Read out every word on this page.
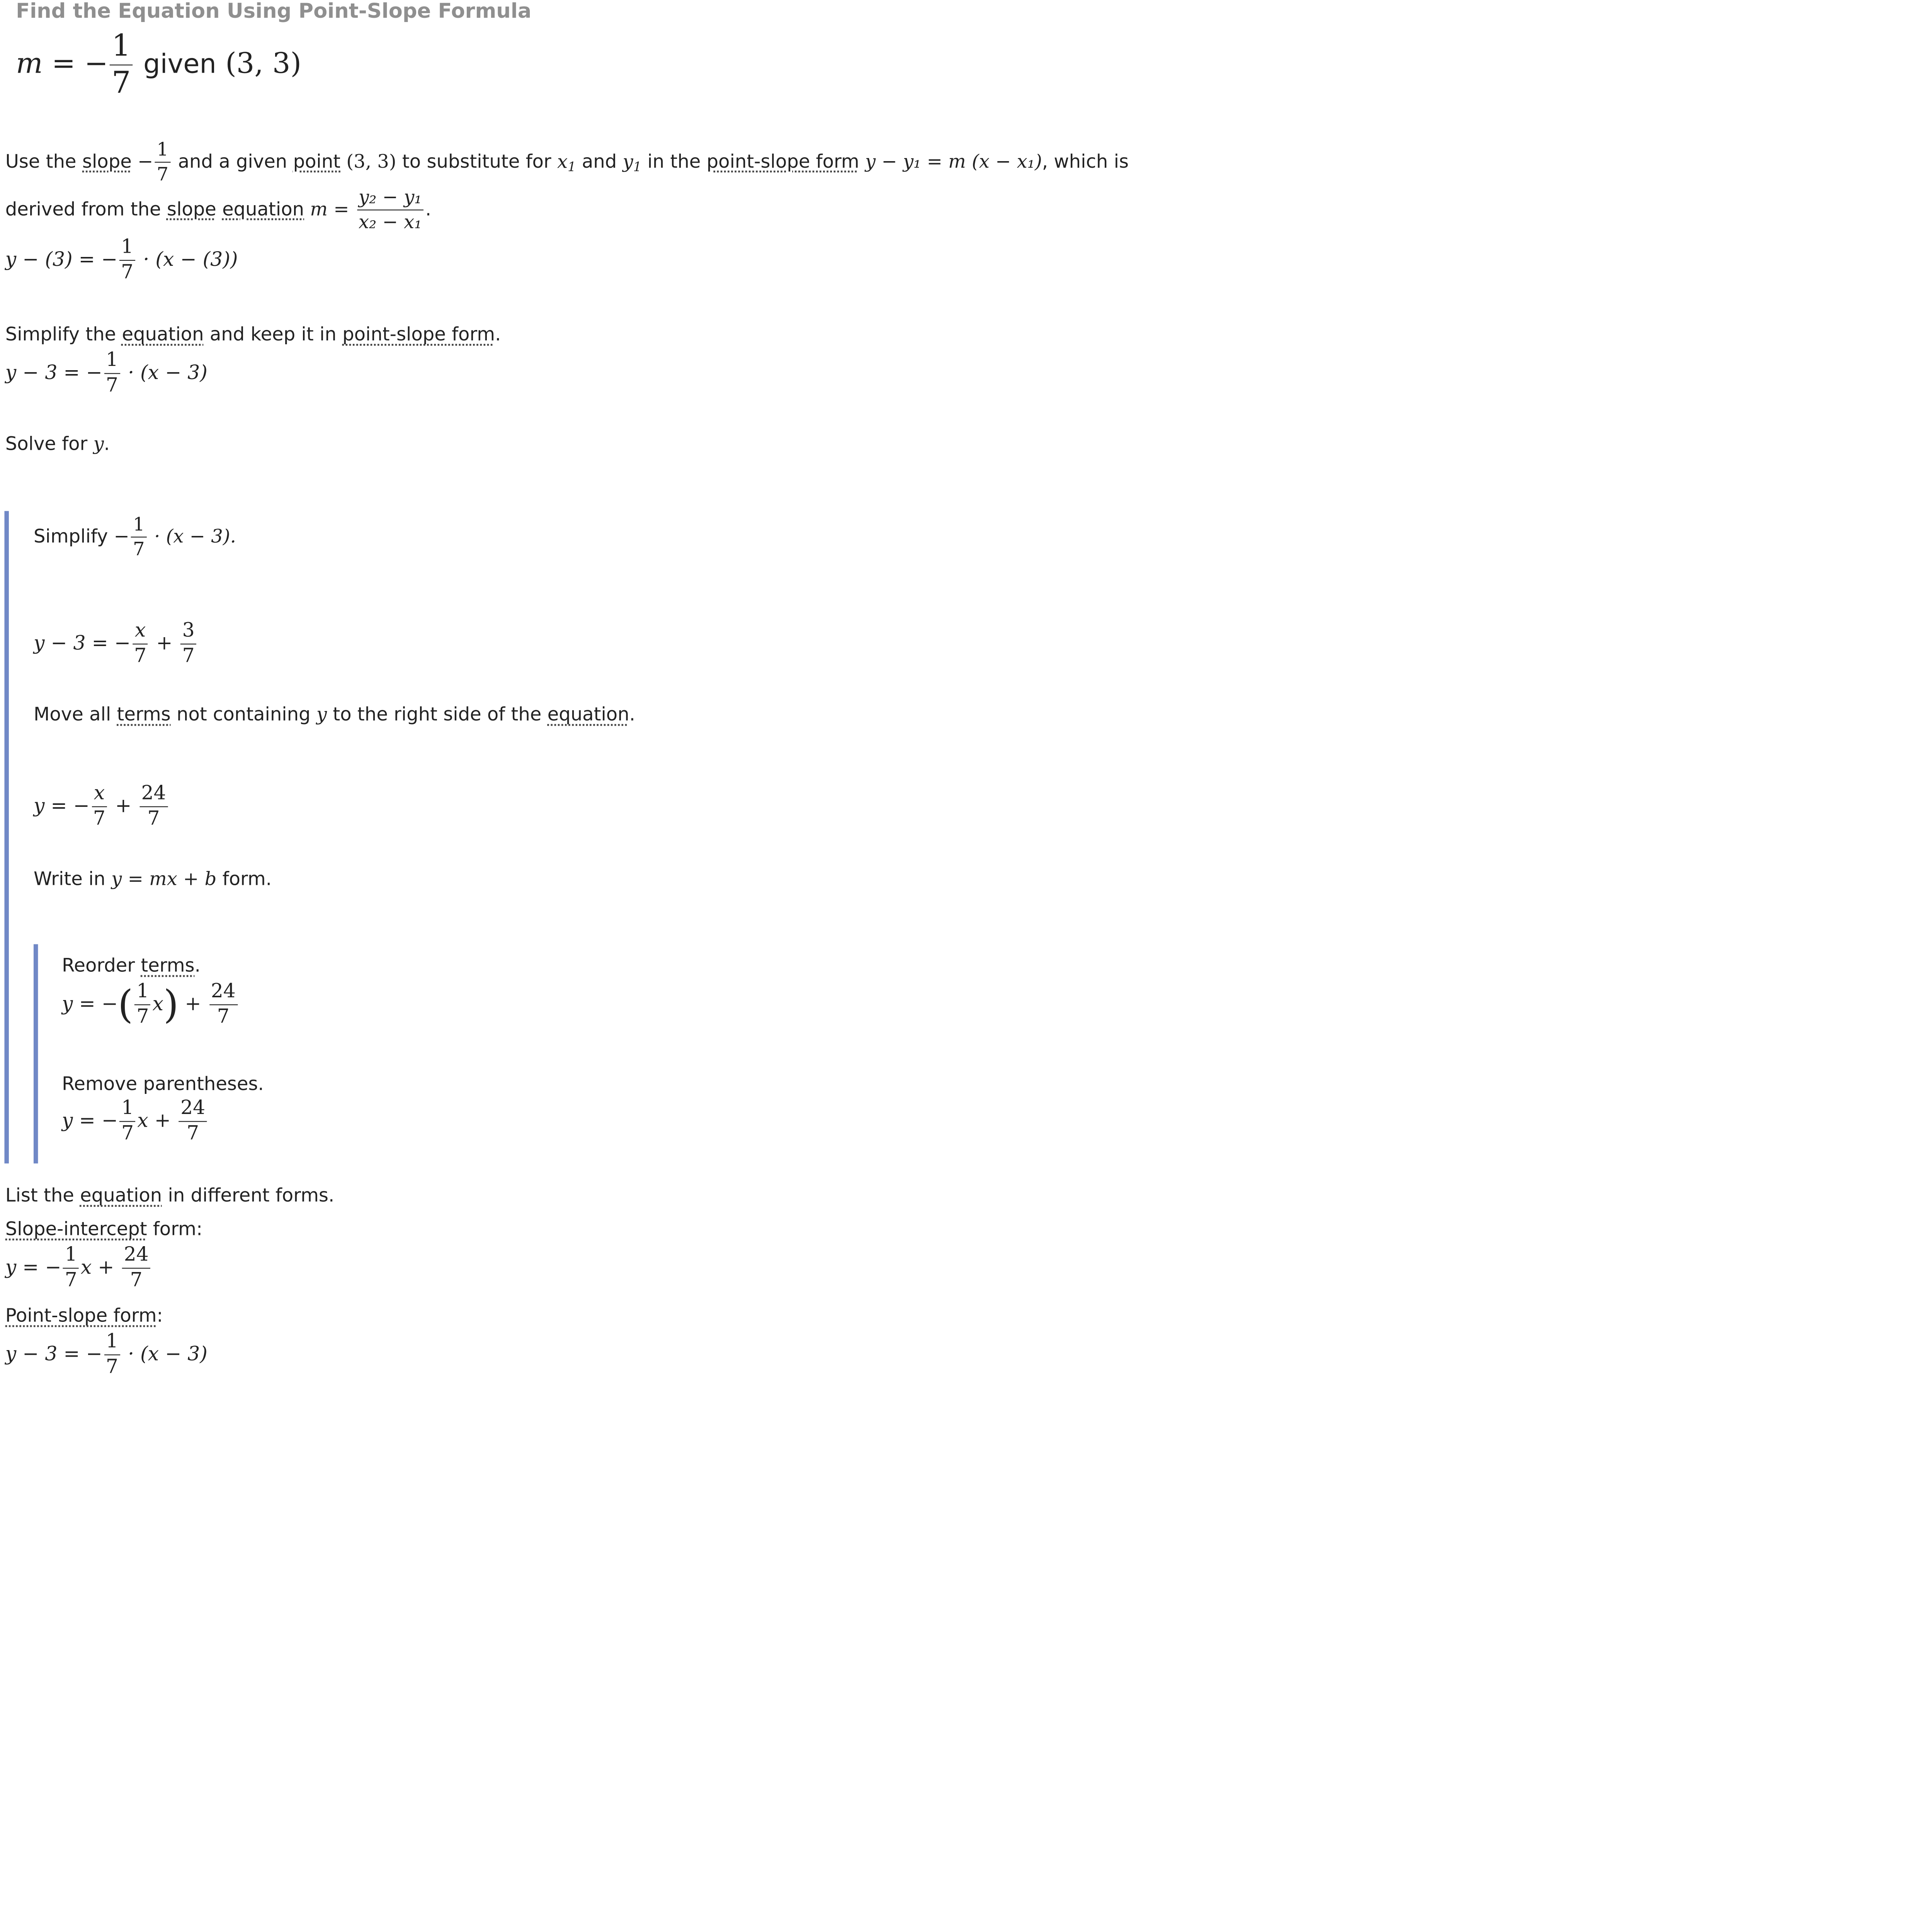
Find the Equation Using Point-Slope Formula
m = − $\frac{1}{7}$ given (3, 3)
Use the slope − $\frac{1}{7}$ and a given point (3, 3) to substitute for $x_1$ and $y_1$ in the point-slope form y − y₁ = m (x − x₁), which is
derived from the slope equation $m = \frac{\text{y₂ − y₁}}{\text{x₂ − x₁}}$ .
y − (3) = − $\frac{1}{7} \cdot (x - (3))$
Simplify the equation and keep it in point-slope form.
y − 3 = − $\frac{1}{7} \cdot (x - 3)$
Solve for y.
Simplify − $\frac{1}{7} \cdot (x - 3)$.
y − 3 = − $\frac{x}{7} + \frac{3}{7}$
Move all terms not containing y to the right side of the equation.
y = − $\frac{x}{7} + \frac{24}{7}$
Write in y = mx + b form.
Reorder terms.
y = −( $\frac{1}{7} x) + \frac{24}{7}$
Remove parentheses.
y = − $\frac{1}{7}$ $x + \frac{24}{7}$
List the equation in different forms.
Slope-intercept form:
y = − $\frac{1}{7}$ $x + \frac{24}{7}$
Point-slope form:
y − 3 = − $\frac{1}{7} \cdot (x - 3)$
